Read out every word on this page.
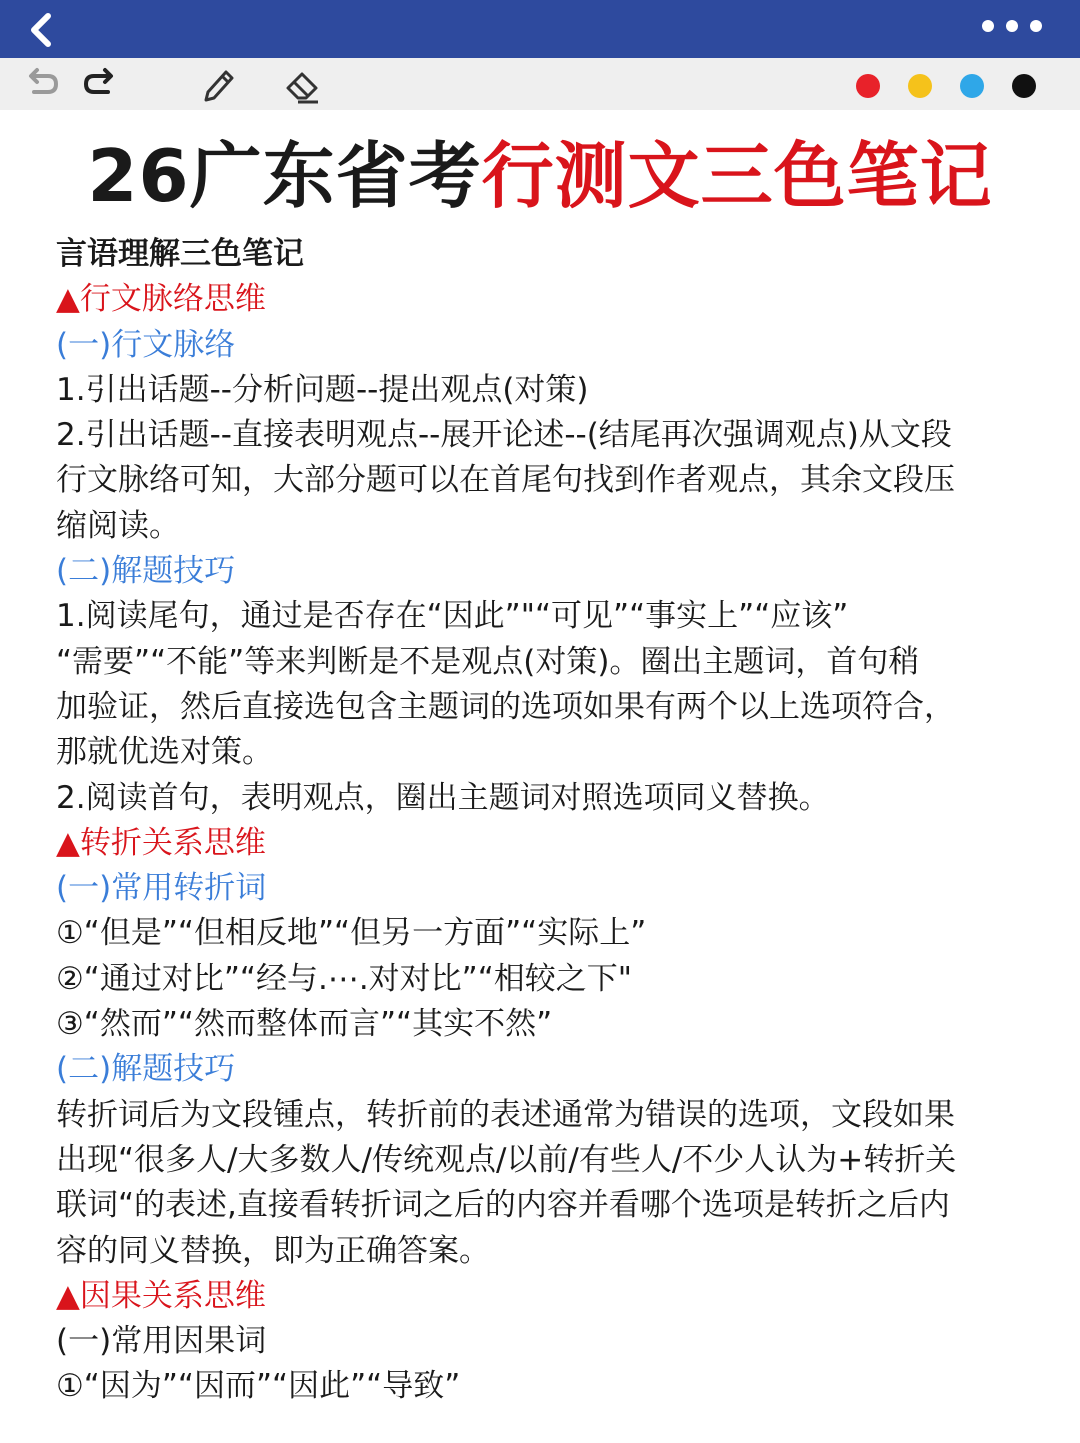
26广东省考行测文三色笔记
言语理解三色笔记
▲行文脉络思维
(一)行文脉络
1.引出话题--分析问题--提出观点(对策)
2.引出话题--直接表明观点--展开论述--(结尾再次强调观点)从文段
行文脉络可知，大部分题可以在首尾句找到作者观点，其余文段压
缩阅读。
(二)解题技巧
1.阅读尾句，通过是否存在“因此”"“可见”“事实上”“应该”
“需要”“不能”等来判断是不是观点(对策)。圈出主题词，首句稍
加验证，然后直接选包含主题词的选项如果有两个以上选项符合，
那就优选对策。
2.阅读首句，表明观点，圈出主题词对照选项同义替换。
▲转折关系思维
(一)常用转折词
①“但是”“但相反地”“但另一方面”“实际上”
②“通过对比”“经与.⋯.对对比”“相较之下"
③“然而”“然而整体而言”“其实不然”
(二)解题技巧
转折词后为文段锺点，转折前的表述通常为错误的选项，文段如果
出现“很多人/大多数人/传统观点/以前/有些人/不少人认为+转折关
联词“的表述,直接看转折词之后的内容并看哪个选项是转折之后内
容的同义替换，即为正确答案。
▲因果关系思维
(一)常用因果词
①“因为”“因而”“因此”“导致”
